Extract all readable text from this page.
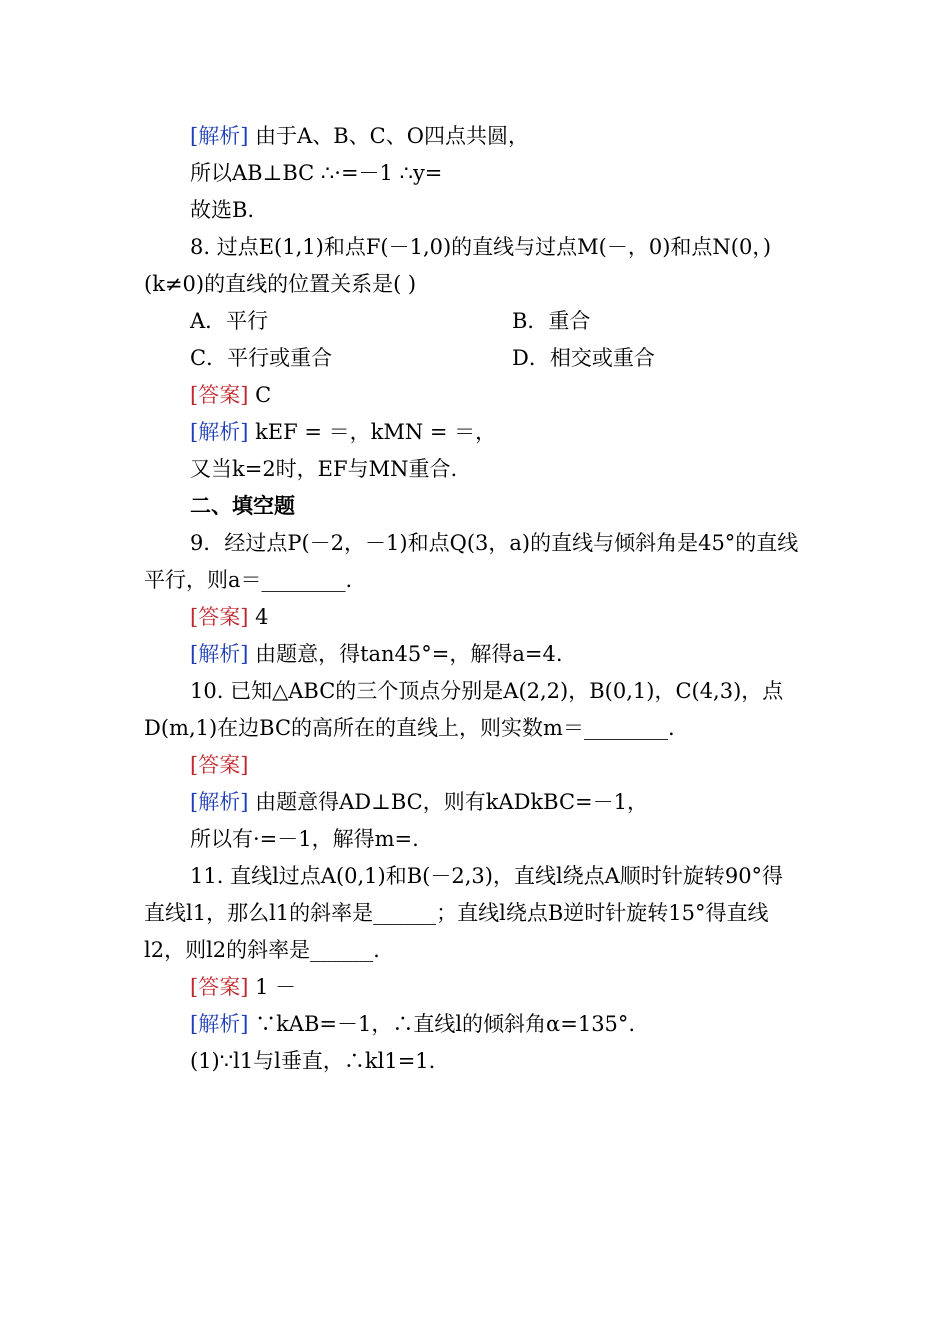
[解析] 由于A、B、C、O四点共圆，
所以AB⊥BC ∴·=－1 ∴y=
故选B.
8. 过点E(1,1)和点F(－1,0)的直线与过点M(－，0)和点N(0，)
(k≠0)的直线的位置关系是( )
A．平行	B．重合
C．平行或重合	D．相交或重合
[答案] C
[解析] kEF = ＝，kMN = ＝，
又当k=2时，EF与MN重合.
二、填空题
9．经过点P(－2，－1)和点Q(3，a)的直线与倾斜角是45°的直线
平行，则a＝________.
[答案] 4
[解析] 由题意，得tan45°=，解得a=4.
10. 已知△ABC的三个顶点分别是A(2,2)，B(0,1)，C(4,3)，点
D(m,1)在边BC的高所在的直线上，则实数m＝________.
[答案]
[解析] 由题意得AD⊥BC，则有kADkBC=－1，
所以有·=－1，解得m=.
11. 直线l过点A(0,1)和B(－2,3)，直线l绕点A顺时针旋转90°得
直线l1，那么l1的斜率是______；直线l绕点B逆时针旋转15°得直线
l2，则l2的斜率是______.
[答案] 1 －
[解析] ∵kAB=－1，∴直线l的倾斜角α=135°.
(1)∵l1与l垂直，∴kl1=1.
